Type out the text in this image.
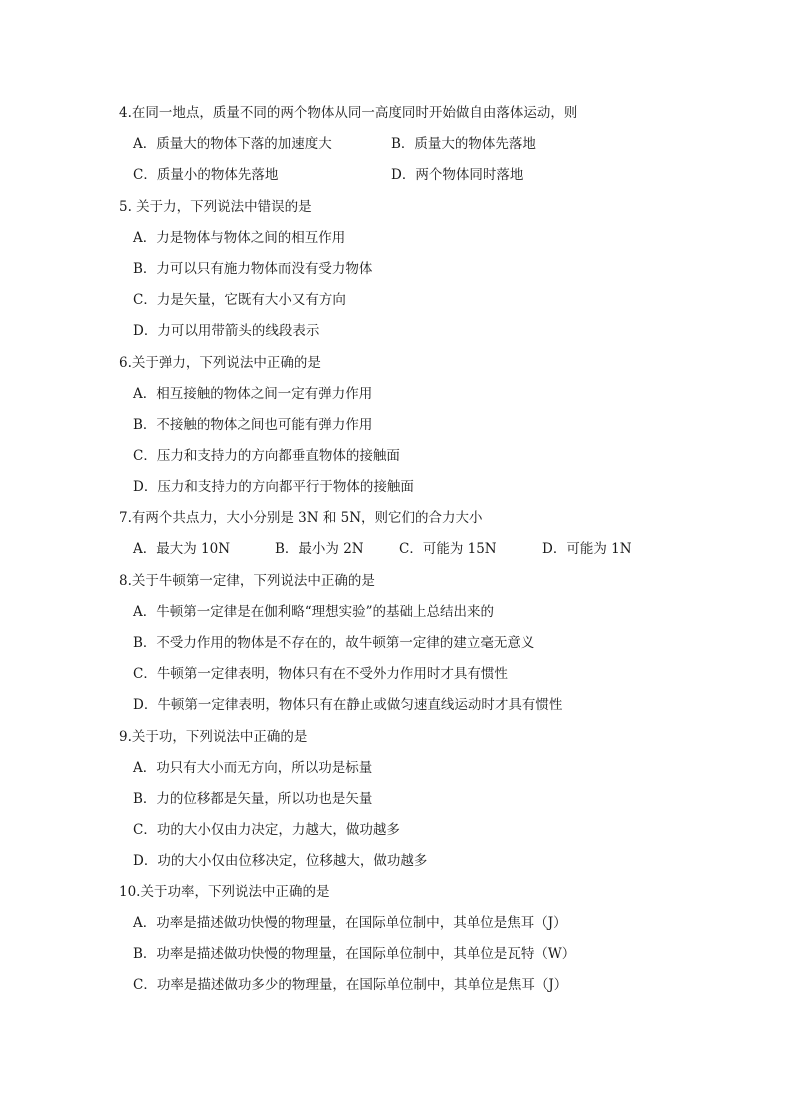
4.在同一地点，质量不同的两个物体从同一高度同时开始做自由落体运动，则
A．质量大的物体下落的加速度大	B．质量大的物体先落地
C．质量小的物体先落地	D．两个物体同时落地
5. 关于力，下列说法中错误的是
A．力是物体与物体之间的相互作用
B．力可以只有施力物体而没有受力物体
C．力是矢量，它既有大小又有方向
D．力可以用带箭头的线段表示
6.关于弹力，下列说法中正确的是
A．相互接触的物体之间一定有弹力作用
B．不接触的物体之间也可能有弹力作用
C．压力和支持力的方向都垂直物体的接触面
D．压力和支持力的方向都平行于物体的接触面
7.有两个共点力，大小分别是 3N 和 5N，则它们的合力大小
A．最大为 10N	B．最小为 2N	C．可能为 15N	D．可能为 1N
8.关于牛顿第一定律，下列说法中正确的是
A．牛顿第一定律是在伽利略“理想实验”的基础上总结出来的
B．不受力作用的物体是不存在的，故牛顿第一定律的建立毫无意义
C．牛顿第一定律表明，物体只有在不受外力作用时才具有惯性
D．牛顿第一定律表明，物体只有在静止或做匀速直线运动时才具有惯性
9.关于功，下列说法中正确的是
A．功只有大小而无方向，所以功是标量
B．力的位移都是矢量，所以功也是矢量
C．功的大小仅由力决定，力越大，做功越多
D．功的大小仅由位移决定，位移越大，做功越多
10.关于功率，下列说法中正确的是
A．功率是描述做功快慢的物理量，在国际单位制中，其单位是焦耳（J）
B．功率是描述做功快慢的物理量，在国际单位制中，其单位是瓦特（W）
C．功率是描述做功多少的物理量，在国际单位制中，其单位是焦耳（J）
